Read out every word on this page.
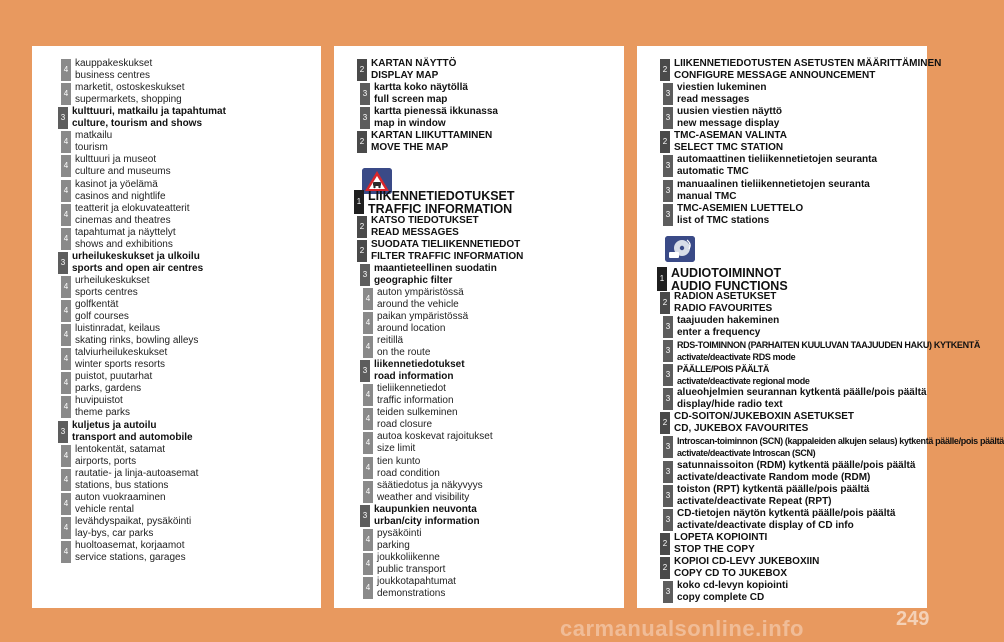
4
kauppakeskukset
business centres
4
marketit, ostoskeskukset
supermarkets, shopping
3
kulttuuri, matkailu ja tapahtumat
culture, tourism and shows
4
matkailu
tourism
4
kulttuuri ja museot
culture and museums
4
kasinot ja yöelämä
casinos and nightlife
4
teatterit ja elokuvateatterit
cinemas and theatres
4
tapahtumat ja näyttelyt
shows and exhibitions
3
urheilukeskukset ja ulkoilu
sports and open air centres
4
urheilukeskukset
sports centres
4
golfkentät
golf courses
4
luistinradat, keilaus
skating rinks, bowling alleys
4
talviurheilukeskukset
winter sports resorts
4
puistot, puutarhat
parks, gardens
4
huvipuistot
theme parks
3
kuljetus ja autoilu
transport and automobile
4
lentokentät, satamat
airports, ports
4
rautatie- ja linja-autoasemat
stations, bus stations
4
auton vuokraaminen
vehicle rental
4
levähdyspaikat, pysäköinti
lay-bys, car parks
4
huoltoasemat, korjaamot
service stations, garages
2
KARTAN NÄYTTÖ
DISPLAY MAP
3
kartta koko näytöllä
full screen map
3
kartta pienessä ikkunassa
map in window
2
KARTAN LIIKUTTAMINEN
MOVE THE MAP
1 LIIKENNETIEDOTUKSET
TRAFFIC INFORMATION
2
KATSO TIEDOTUKSET
READ MESSAGES
2
SUODATA TIELIIKENNETIEDOT
FILTER TRAFFIC INFORMATION
3
maantieteellinen suodatin
geographic filter
4
auton ympäristössä
around the vehicle
4
paikan ympäristössä
around location
4
reitillä
on the route
3
liikennetiedotukset
road information
4
tieliikennetiedot
traffic information
4
teiden sulkeminen
road closure
4
autoa koskevat rajoitukset
size limit
4
tien kunto
road condition
4
säätiedotus ja näkyvyys
weather and visibility
3
kaupunkien neuvonta
urban/city information
4
pysäköinti
parking
4
joukkoliikenne
public transport
4
joukkotapahtumat
demonstrations
2
LIIKENNETIEDOTUSTEN ASETUSTEN MÄÄRITTÄMINEN
CONFIGURE MESSAGE ANNOUNCEMENT
3
viestien lukeminen
read messages
3
uusien viestien näyttö
new message display
2
TMC-ASEMAN VALINTA
SELECT TMC STATION
3
automaattinen tieliikennetietojen seuranta
automatic TMC
3
manuaalinen tieliikennetietojen seuranta
manual TMC
3
TMC-ASEMIEN LUETTELO
list of TMC stations
1 AUDIOTOIMINNOT
AUDIO FUNCTIONS
2
RADION ASETUKSET
RADIO FAVOURITES
3
taajuuden hakeminen
enter a frequency
3
RDS-TOIMINNON (PARHAITEN KUULUVAN TAAJUUDEN HAKU) KYTKENTÄ
activate/deactivate RDS mode
3
PÄÄLLE/POIS PÄÄLTÄ
activate/deactivate regional mode
3
alueohjelmien seurannan kytkentä päälle/pois päältä
display/hide radio text
2
CD-SOITON/JUKEBOXIN ASETUKSET
CD, JUKEBOX FAVOURITES
3
Introscan-toiminnon (SCN) (kappaleiden alkujen selaus) kytkentä päälle/pois päältä
activate/deactivate Introscan (SCN)
3
satunnaissoiton (RDM) kytkentä päälle/pois päältä
activate/deactivate Random mode (RDM)
3
toiston (RPT) kytkentä päälle/pois päältä
activate/deactivate Repeat (RPT)
3
CD-tietojen näytön kytkentä päälle/pois päältä
activate/deactivate display of CD info
2
LOPETA KOPIOINTI
STOP THE COPY
2
KOPIOI CD-LEVY JUKEBOXIIN
COPY CD TO JUKEBOX
3
koko cd-levyn kopiointi
copy complete CD
carmanualsonline.info	249
